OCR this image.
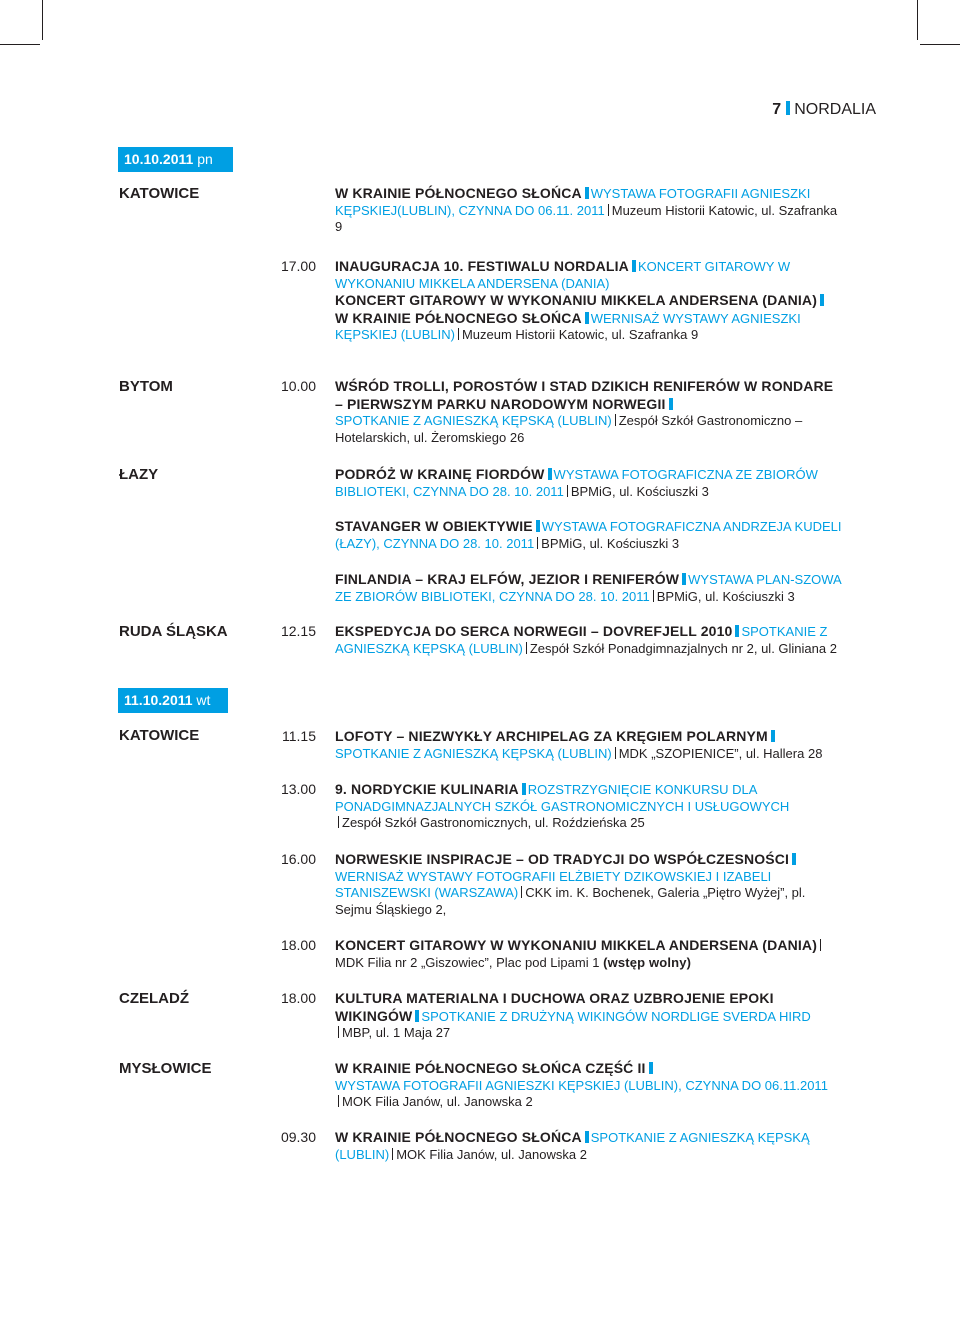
7 NORDALIA
10.10.2011 pn
11.10.2011 wt
KATOWICE
BYTOM
ŁAZY
RUDA ŚLĄSKA
KATOWICE
CZELADŹ
MYSŁOWICE
17.00
10.00
12.15
11.15
13.00
16.00
18.00
18.00
09.30

W KRAINIE PÓŁNOCNEGO SŁOŃCA WYSTAWA FOTOGRAFII AGNIESZKI KĘPSKIEJ(LUBLIN), CZYNNA DO 06.11. 2011 Muzeum Historii Katowic, ul. Szafranka 9

INAUGURACJA 10. FESTIWALU NORDALIA KONCERT GITAROWY W WYKONANIU MIKKELA ANDERSENA (DANIA)
KONCERT GITAROWY W WYKONANIU MIKKELA ANDERSENA (DANIA)
W KRAINIE PÓŁNOCNEGO SŁOŃCA WERNISAŻ WYSTAWY AGNIESZKI KĘPSKIEJ (LUBLIN) Muzeum Historii Katowic, ul. Szafranka 9

WŚRÓD TROLLI, POROSTÓW I STAD DZIKICH RENIFERÓW W RONDARE – PIERWSZYM PARKU NARODOWYM NORWEGII
SPOTKANIE Z AGNIESZKĄ KĘPSKĄ (LUBLIN) Zespół Szkół Gastronomiczno – Hotelarskich, ul. Żeromskiego 26

PODRÓŻ W KRAINĘ FIORDÓW WYSTAWA FOTOGRAFICZNA ZE ZBIORÓW BIBLIOTEKI, CZYNNA DO 28. 10. 2011 BPMiG, ul. Kościuszki 3

STAVANGER W OBIEKTYWIE WYSTAWA FOTOGRAFICZNA ANDRZEJA KUDELI (ŁAZY), CZYNNA DO 28. 10. 2011 BPMiG, ul. Kościuszki 3

FINLANDIA – KRAJ ELFÓW, JEZIOR I RENIFERÓW WYSTAWA PLAN-SZOWA ZE ZBIORÓW BIBLIOTEKI, CZYNNA DO 28. 10. 2011 BPMiG, ul. Kościuszki 3

EKSPEDYCJA DO SERCA NORWEGII – DOVREFJELL 2010 SPOTKANIE Z AGNIESZKĄ KĘPSKĄ (LUBLIN) Zespół Szkół Ponadgimnazjalnych nr 2, ul. Gliniana 2

LOFOTY – NIEZWYKŁY ARCHIPELAG ZA KRĘGIEM POLARNYM
SPOTKANIE Z AGNIESZKĄ KĘPSKĄ (LUBLIN) MDK „SZOPIENICE”, ul. Hallera 28

9. NORDYCKIE KULINARIA ROZSTRZYGNIĘCIE KONKURSU DLA PONADGIMNAZJALNYCH SZKÓŁ GASTRONOMICZNYCH I USŁUGOWYCH
Zespół Szkół Gastronomicznych, ul. Roździeńska 25

NORWESKIE INSPIRACJE – OD TRADYCJI DO WSPÓŁCZESNOŚCI
WERNISAŻ WYSTAWY FOTOGRAFII ELŻBIETY DZIKOWSKIEJ I IZABELI STANISZEWSKI (WARSZAWA) CKK im. K. Bochenek, Galeria „Piętro Wyżej”, pl. Sejmu Śląskiego 2,

KONCERT GITAROWY W WYKONANIU MIKKELA ANDERSENA (DANIA)MDK Filia nr 2 „Giszowiec”, Plac pod Lipami 1 (wstęp wolny)

KULTURA MATERIALNA I DUCHOWA ORAZ UZBROJENIE EPOKI WIKINGÓW SPOTKANIE Z DRUŻYNĄ WIKINGÓW NORDLIGE SVERDA HIRD
MBP, ul. 1 Maja 27

W KRAINIE PÓŁNOCNEGO SŁOŃCA CZĘŚĆ II
WYSTAWA FOTOGRAFII AGNIESZKI KĘPSKIEJ (LUBLIN), CZYNNA DO 06.11.2011
MOK Filia Janów, ul. Janowska 2

W KRAINIE PÓŁNOCNEGO SŁOŃCA SPOTKANIE Z AGNIESZKĄ KĘPSKĄ (LUBLIN) MOK Filia Janów, ul. Janowska 2
